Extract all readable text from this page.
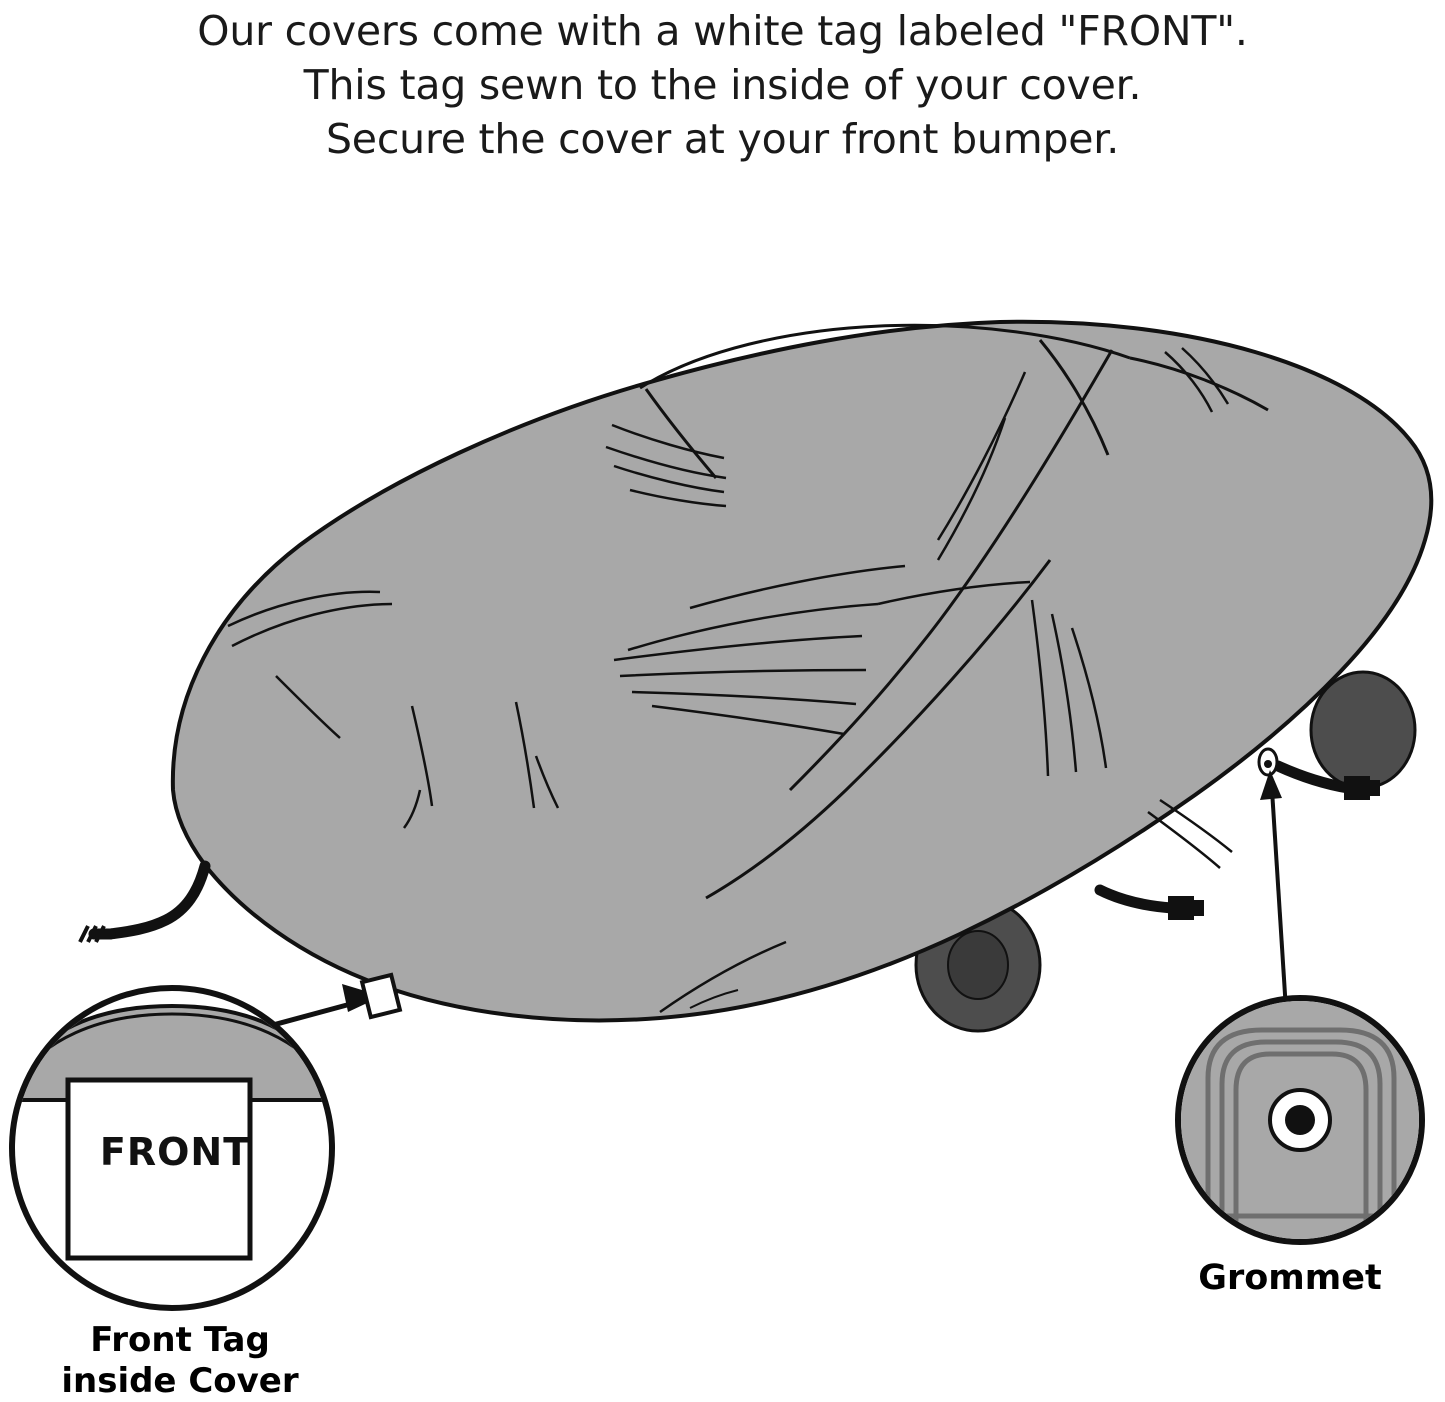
Our covers come with a white tag labeled "FRONT".
This tag sewn to the inside of your cover.
Secure the cover at your front bumper.
FRONT
Grommet
Front Tag
inside Cover
